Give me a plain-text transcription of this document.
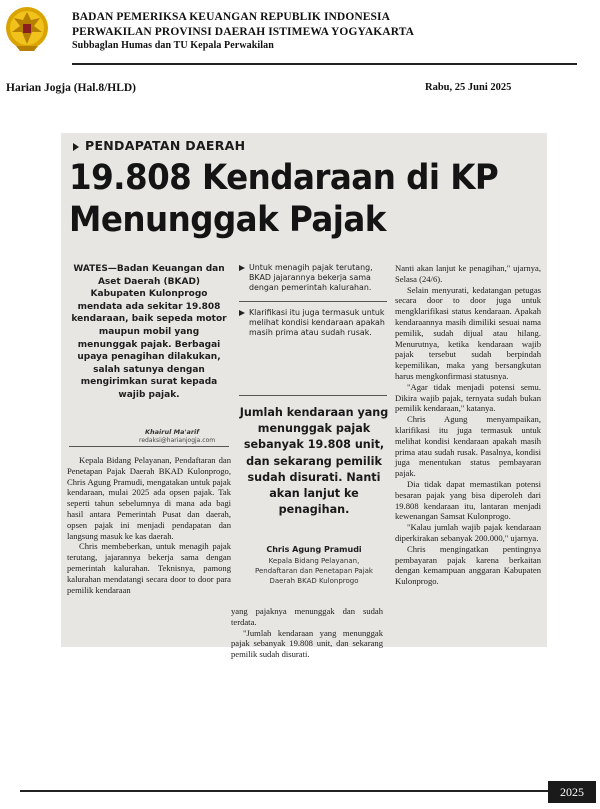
BADAN PEMERIKSA KEUANGAN REPUBLIK INDONESIA
PERWAKILAN PROVINSI DAERAH ISTIMEWA YOGYAKARTA
Subbaglan Humas dan TU Kepala Perwakilan
Harian Jogja (Hal.8/HLD)	Rabu, 25 Juni 2025
PENDAPATAN DAERAH
19.808 Kendaraan di KP
Menunggak Pajak
WATES—Badan Keuangan dan Aset Daerah (BKAD) Kabupaten Kulonprogo mendata ada sekitar 19.808 kendaraan, baik sepeda motor maupun mobil yang menunggak pajak. Berbagai upaya penagihan dilakukan, salah satunya dengan mengirimkan surat kepada wajib pajak.
Khairul Ma'arif
redaksi@harianjogja.com

Kepala Bidang Pelayanan, Pendaftaran dan Penetapan Pajak Daerah BKAD Kulonprogo, Chris Agung Pramudi, mengatakan untuk pajak kendaraan, mulai 2025 ada opsen pajak. Tak seperti tahun sebelumnya di mana ada bagi hasil antara Pemerintah Pusat dan daerah, opsen pajak ini menjadi pendapatan dan langsung masuk ke kas daerah.

Chris membeberkan, untuk menagih pajak terutang, jajarannya bekerja sama dengan pemerintah kalurahan. Teknisnya, pamong kalurahan mendatangi secara door to door para pemilik kendaraan

Untuk menagih pajak terutang, BKAD jajarannya bekerja sama dengan pemerintah kalurahan.
Klarifikasi itu juga termasuk untuk melihat kondisi kendaraan apakah masih prima atau sudah rusak.
Jumlah kendaraan yang menunggak pajak sebanyak 19.808 unit, dan sekarang pemilik sudah disurati. Nanti akan lanjut ke penagihan.
Chris Agung Pramudi
Kepala Bidang Pelayanan,
Pendaftaran dan Penetapan Pajak
Daerah BKAD Kulonprogo

yang pajaknya menunggak dan sudah terdata.

"Jumlah kendaraan yang menunggak pajak sebanyak 19.808 unit, dan sekarang pemilik sudah disurati.

Nanti akan lanjut ke penagihan," ujarnya, Selasa (24/6).

Selain menyurati, kedatangan petugas secara door to door juga untuk mengklarifikasi status kendaraan. Apakah kendaraannya masih dimiliki sesuai nama pemilik, sudah dijual atau hilang. Menurutnya, ketika kendaraan wajib pajak tersebut sudah berpindah kepemilikan, maka yang bersangkutan harus mengkonfirmasi statusnya.

"Agar tidak menjadi potensi semu. Dikira wajib pajak, ternyata sudah bukan pemilik kendaraan," katanya.

Chris Agung menyampaikan, klarifikasi itu juga termasuk untuk melihat kondisi kendaraan apakah masih prima atau sudah rusak. Pasalnya, kondisi juga menentukan status pembayaran pajak.

Dia tidak dapat memastikan potensi besaran pajak yang bisa diperoleh dari 19.808 kendaraan itu, lantaran menjadi kewenangan Samsat Kulonprogo.

"Kalau jumlah wajib pajak kendaraan diperkirakan sebanyak 200.000," ujarnya.

Chris mengingatkan pentingnya pembayaran pajak karena berkaitan dengan kemampuan anggaran Kabupaten Kulonprogo.

2025
